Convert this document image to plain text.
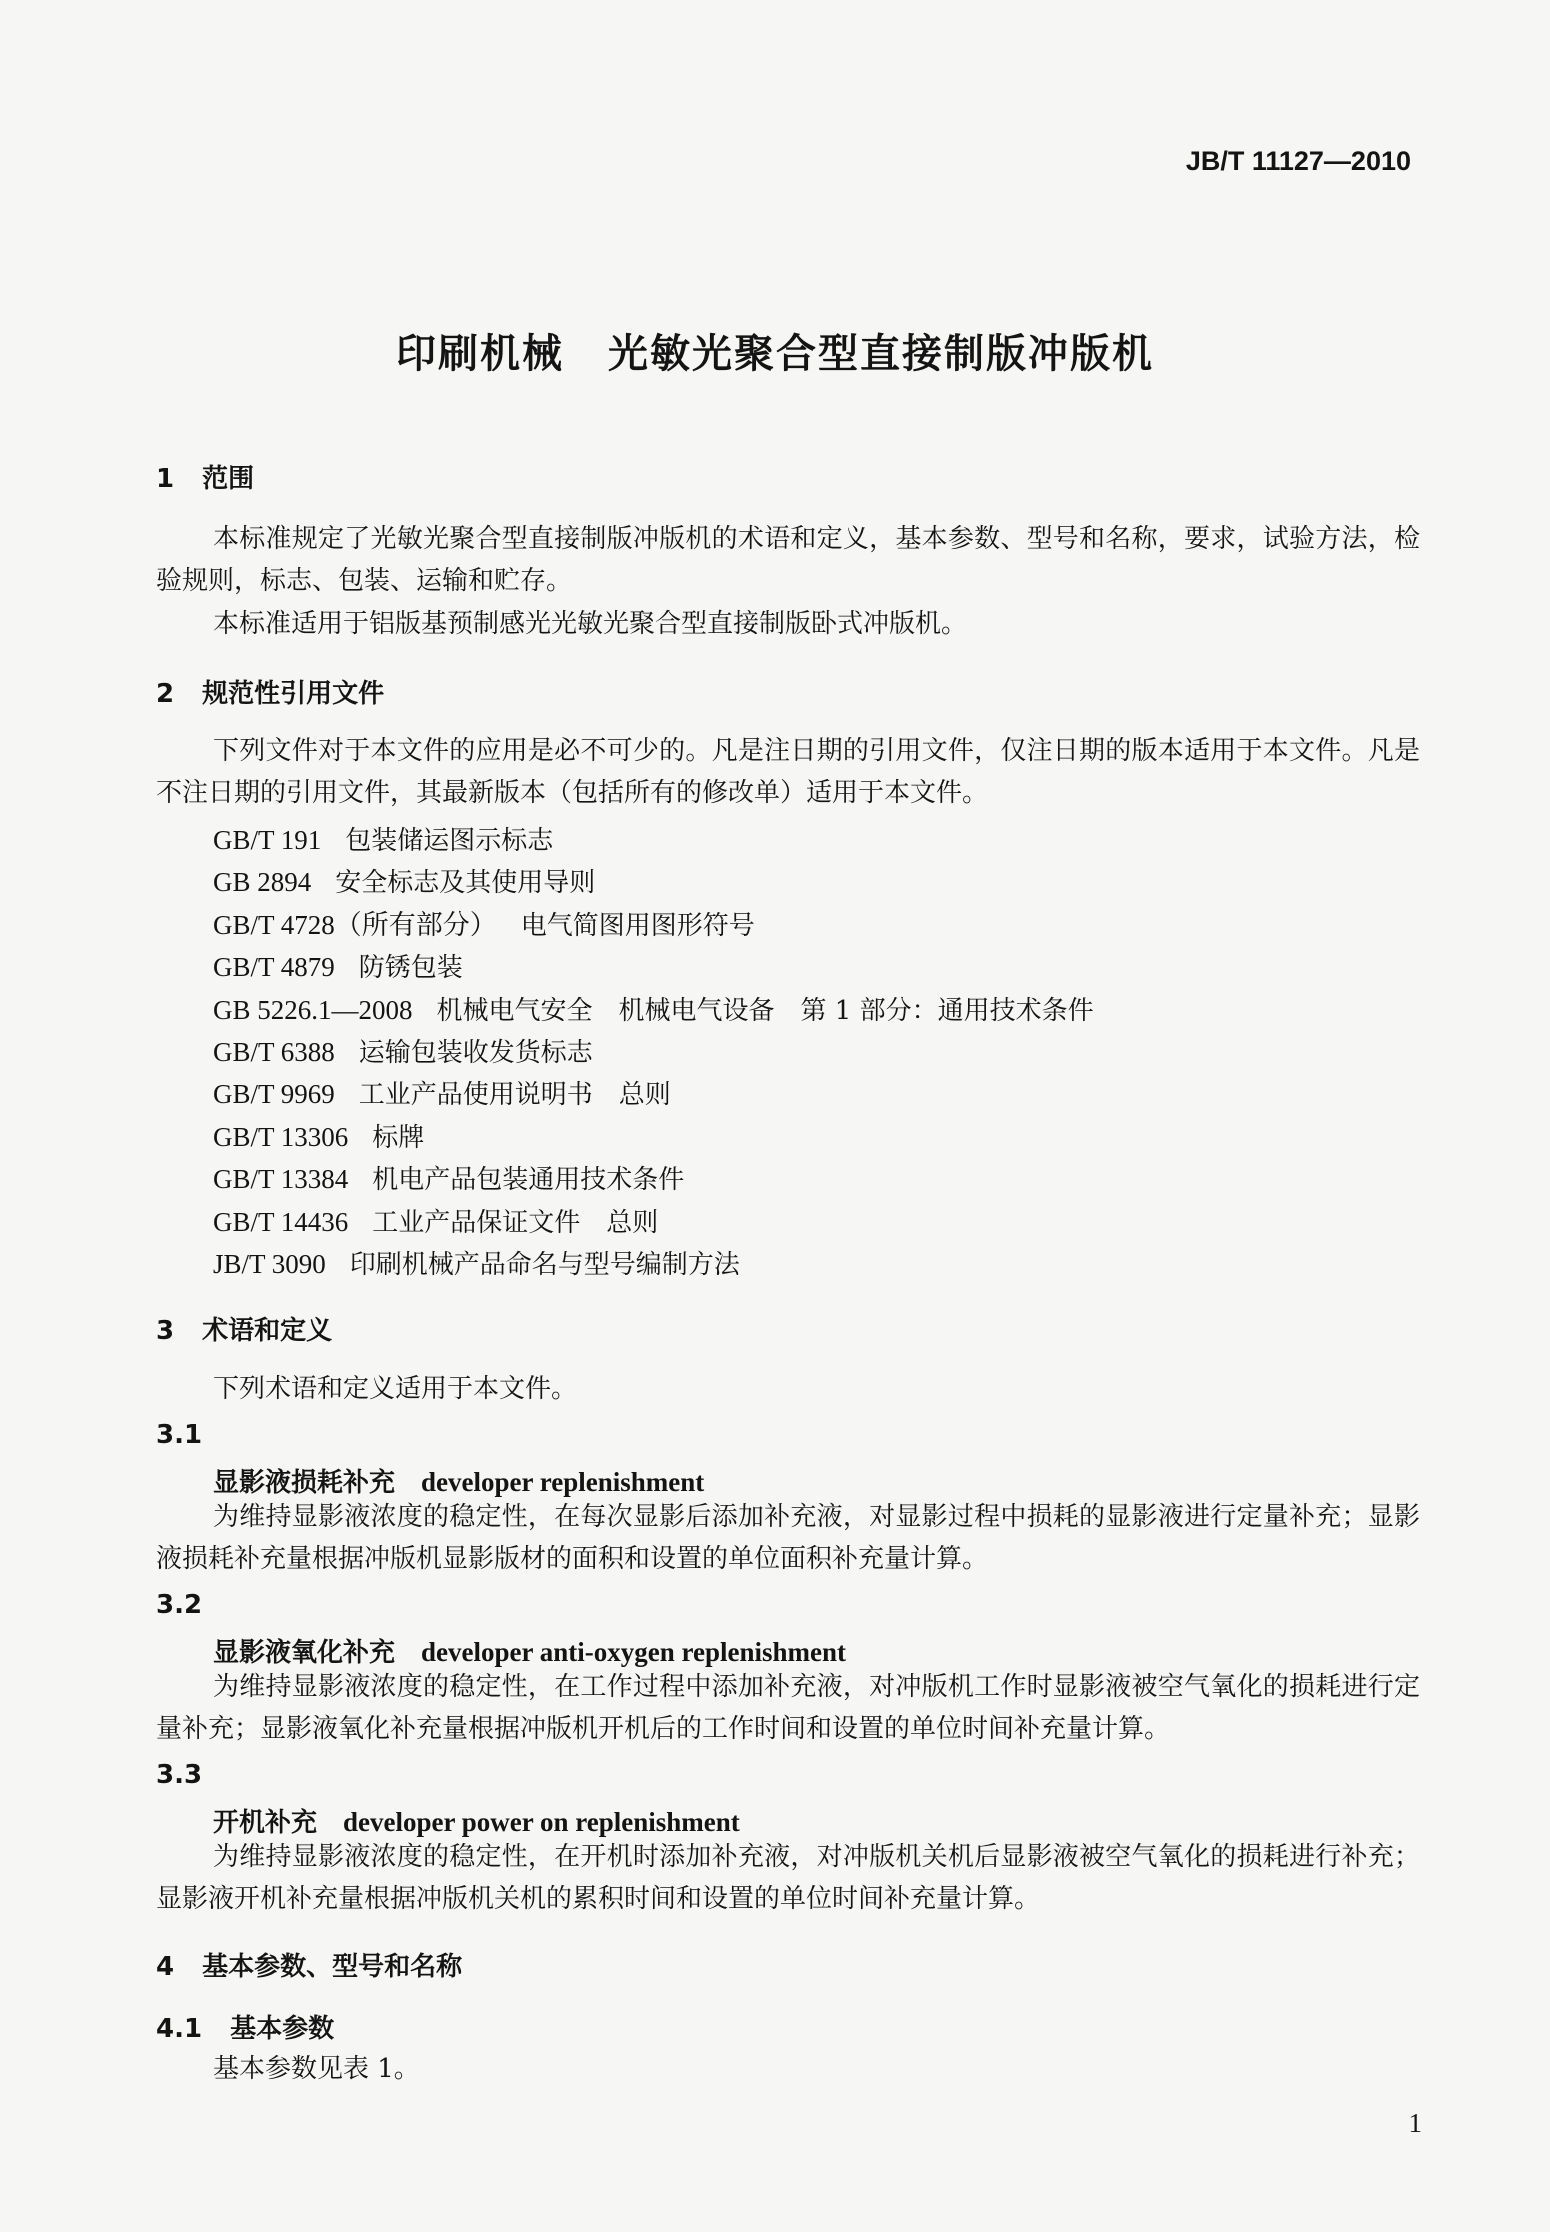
JB/T 11127—2010
印刷机械 光敏光聚合型直接制版冲版机
1 范围

本标准规定了光敏光聚合型直接制版冲版机的术语和定义，基本参数、型号和名称，要求，试验方法，检验规则，标志、包装、运输和贮存。

本标准适用于铝版基预制感光光敏光聚合型直接制版卧式冲版机。

2 规范性引用文件

下列文件对于本文件的应用是必不可少的。凡是注日期的引用文件，仅注日期的版本适用于本文件。凡是不注日期的引用文件，其最新版本（包括所有的修改单）适用于本文件。

GB/T 191 包装储运图示标志
GB 2894 安全标志及其使用导则
GB/T 4728（所有部分） 电气简图用图形符号
GB/T 4879 防锈包装
GB 5226.1—2008 机械电气安全　机械电气设备　第 1 部分：通用技术条件
GB/T 6388 运输包装收发货标志
GB/T 9969 工业产品使用说明书　总则
GB/T 13306 标牌
GB/T 13384 机电产品包装通用技术条件
GB/T 14436 工业产品保证文件　总则
JB/T 3090 印刷机械产品命名与型号编制方法
3 术语和定义

下列术语和定义适用于本文件。

3.1
显影液损耗补充 developer replenishment

为维持显影液浓度的稳定性，在每次显影后添加补充液，对显影过程中损耗的显影液进行定量补充；显影液损耗补充量根据冲版机显影版材的面积和设置的单位面积补充量计算。

3.2
显影液氧化补充 developer anti-oxygen replenishment

为维持显影液浓度的稳定性，在工作过程中添加补充液，对冲版机工作时显影液被空气氧化的损耗进行定量补充；显影液氧化补充量根据冲版机开机后的工作时间和设置的单位时间补充量计算。

3.3
开机补充 developer power on replenishment

为维持显影液浓度的稳定性，在开机时添加补充液，对冲版机关机后显影液被空气氧化的损耗进行补充；显影液开机补充量根据冲版机关机的累积时间和设置的单位时间补充量计算。

4 基本参数、型号和名称
4.1 基本参数

基本参数见表 1。

1
